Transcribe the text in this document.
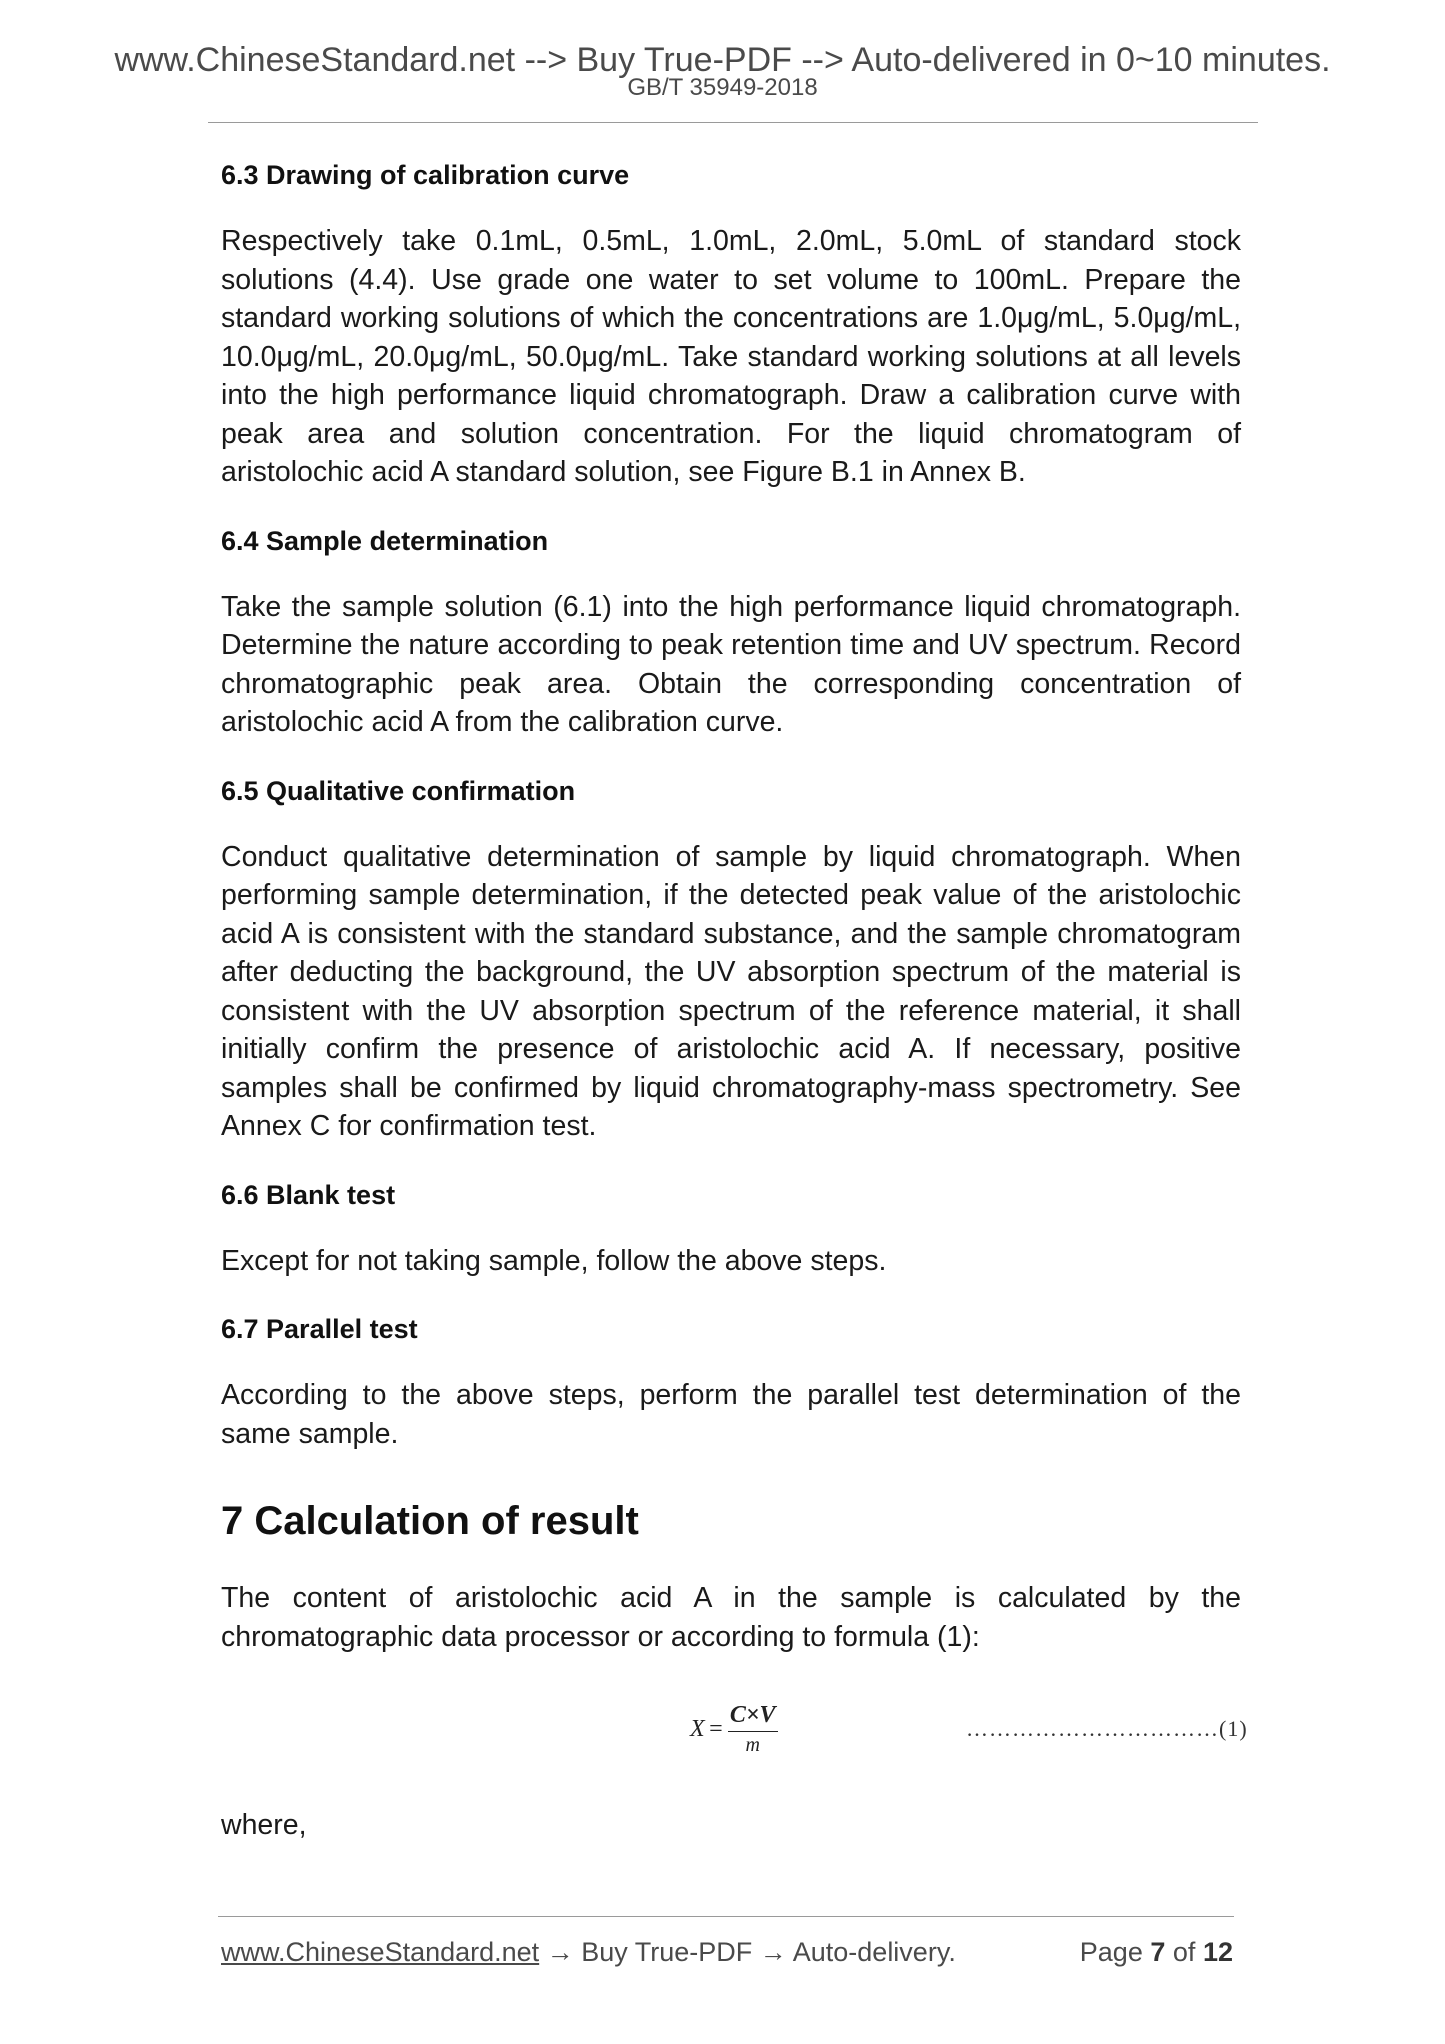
www.ChineseStandard.net --> Buy True-PDF --> Auto-delivered in 0~10 minutes.
GB/T 35949-2018
6.3 Drawing of calibration curve

Respectively take 0.1mL, 0.5mL, 1.0mL, 2.0mL, 5.0mL of standard stock solutions (4.4). Use grade one water to set volume to 100mL. Prepare the standard working solutions of which the concentrations are 1.0μg/mL, 5.0μg/mL, 10.0μg/mL, 20.0μg/mL, 50.0μg/mL. Take standard working solutions at all levels into the high performance liquid chromatograph. Draw a calibration curve with peak area and solution concentration. For the liquid chromatogram of aristolochic acid A standard solution, see Figure B.1 in Annex B.

6.4 Sample determination

Take the sample solution (6.1) into the high performance liquid chromatograph. Determine the nature according to peak retention time and UV spectrum. Record chromatographic peak area. Obtain the corresponding concentration of aristolochic acid A from the calibration curve.

6.5 Qualitative confirmation

Conduct qualitative determination of sample by liquid chromatograph. When performing sample determination, if the detected peak value of the aristolochic acid A is consistent with the standard substance, and the sample chromatogram after deducting the background, the UV absorption spectrum of the material is consistent with the UV absorption spectrum of the reference material, it shall initially confirm the presence of aristolochic acid A. If necessary, positive samples shall be confirmed by liquid chromatography-mass spectrometry. See Annex C for confirmation test.

6.6 Blank test

Except for not taking sample, follow the above steps.

6.7 Parallel test

According to the above steps, perform the parallel test determination of the same sample.

7 Calculation of result

The content of aristolochic acid A in the sample is calculated by the chromatographic data processor or according to formula (1):

$X = \frac{C\times V}{m}$	……………………………(1)
where,
www.ChineseStandard.net → Buy True-PDF → Auto-delivery.	Page 7 of 12
